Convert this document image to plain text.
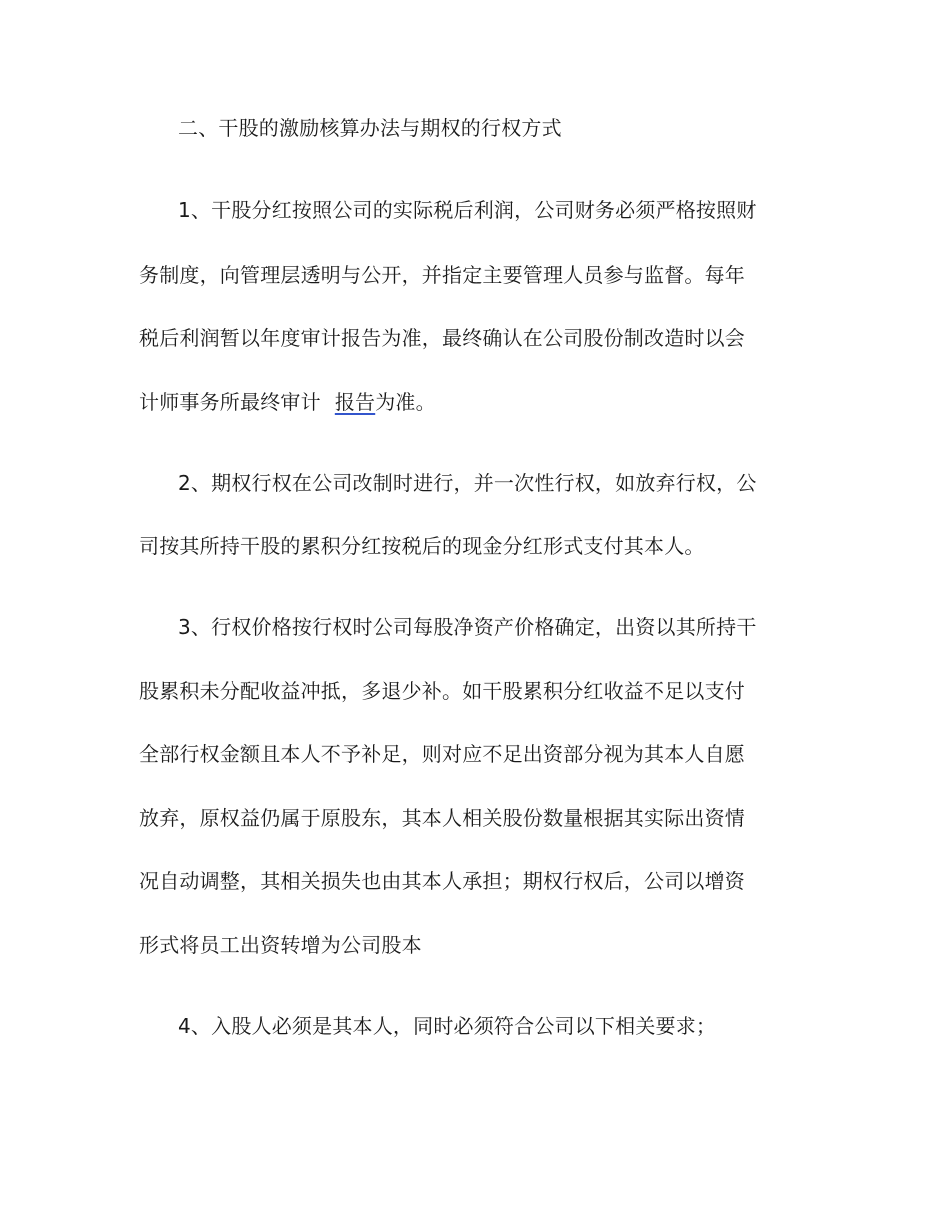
二、干股的激励核算办法与期权的行权方式
1、干股分红按照公司的实际税后利润，公司财务必须严格按照财
务制度，向管理层透明与公开，并指定主要管理人员参与监督。每年
税后利润暂以年度审计报告为准，最终确认在公司股份制改造时以会
计师事务所最终审计 报告为准。
2、期权行权在公司改制时进行，并一次性行权，如放弃行权，公
司按其所持干股的累积分红按税后的现金分红形式支付其本人。
3、行权价格按行权时公司每股净资产价格确定，出资以其所持干
股累积未分配收益冲抵，多退少补。如干股累积分红收益不足以支付
全部行权金额且本人不予补足，则对应不足出资部分视为其本人自愿
放弃，原权益仍属于原股东，其本人相关股份数量根据其实际出资情
况自动调整，其相关损失也由其本人承担；期权行权后，公司以增资
形式将员工出资转增为公司股本
4、入股人必须是其本人，同时必须符合公司以下相关要求；
